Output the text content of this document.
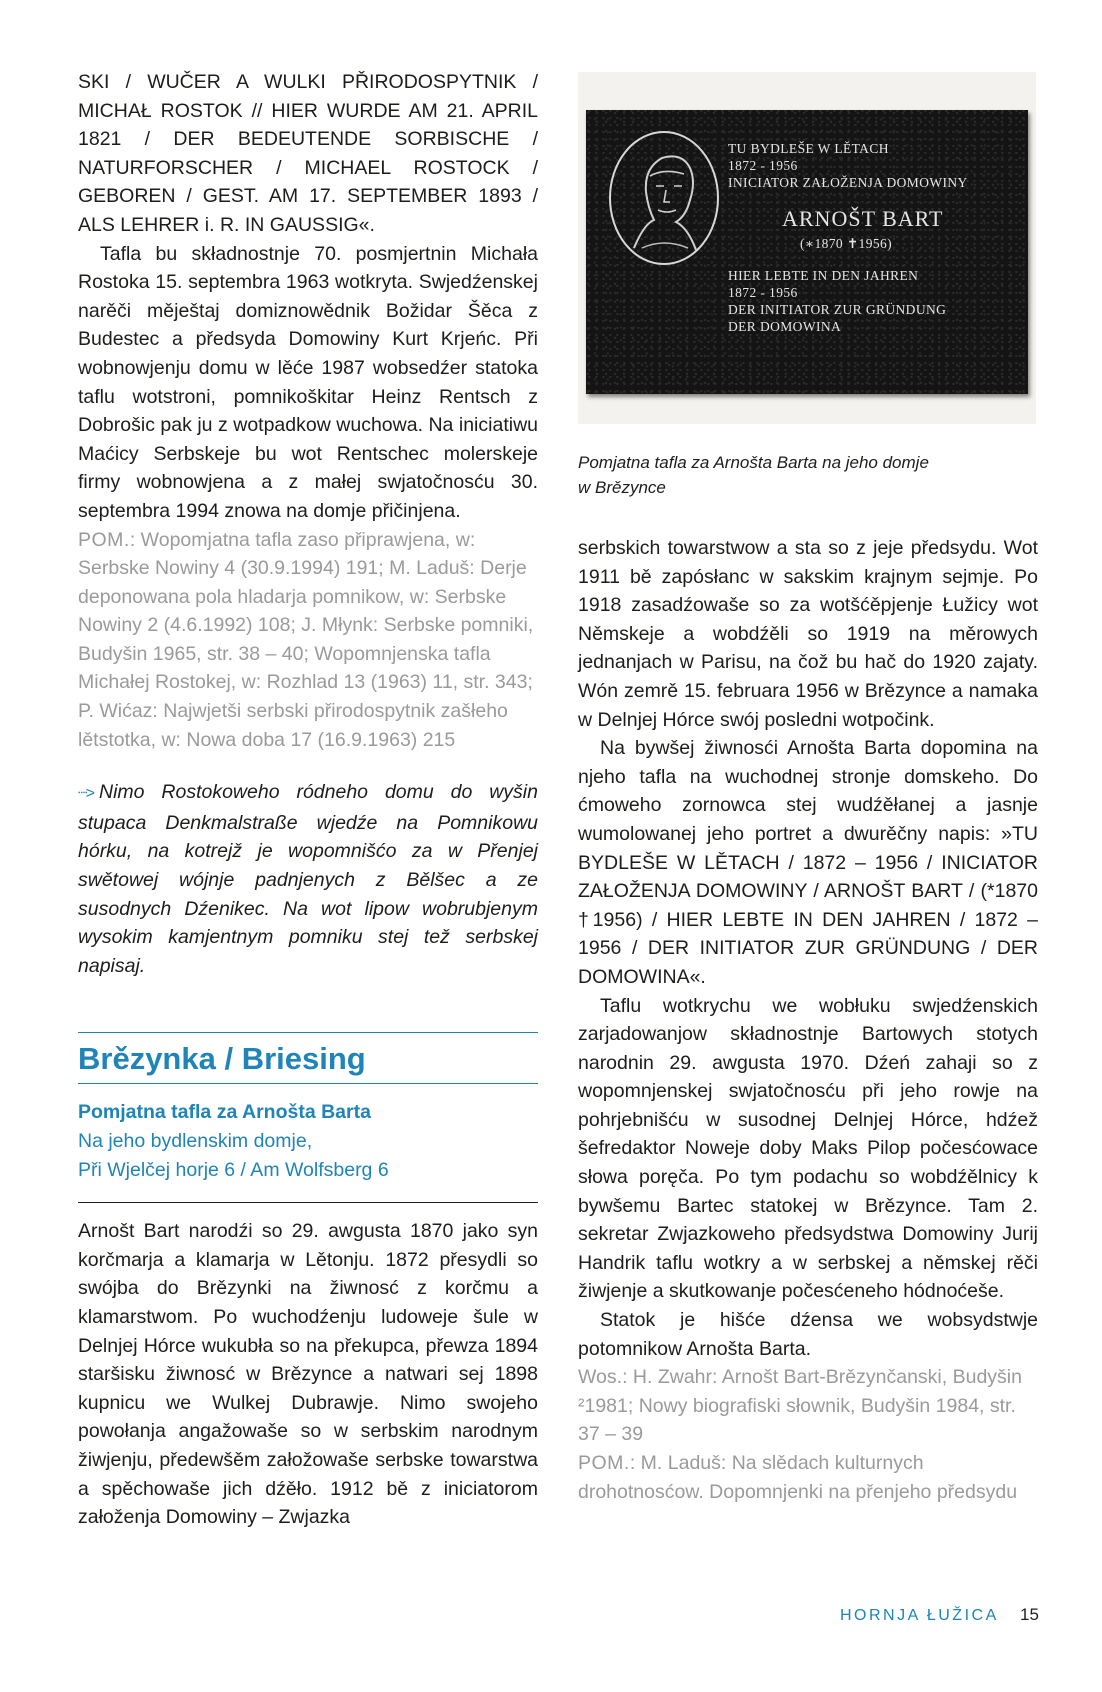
SKI / WUČER A WULKI PŘIRODOSPYTNIK / MICHAŁ ROSTOK // HIER WURDE AM 21. APRIL 1821 / DER BEDEUTENDE SORBISCHE / NATURFORSCHER / MICHAEL ROSTOCK / GEBOREN / GEST. AM 17. SEPTEMBER 1893 / ALS LEHRER i. R. IN GAUSSIG«.

Tafla bu składnostnje 70. posmjertnin Michała Rostoka 15. septembra 1963 wotkryta. Swjedźenskej narěči měještaj domiznowědnik Božidar Šěca z Budestec a předsyda Domowiny Kurt Krjeńc. Při wobnowjenju domu w lěće 1987 wobsedźer statoka taflu wotstroni, pomnikoškitar Heinz Rentsch z Dobrošic pak ju z wotpadkow wuchowa. Na iniciatiwu Maćicy Serbskeje bu wot Rentschec molerskeje firmy wobnowjena a z małej swjatočnosću 30. septembra 1994 znowa na domje přičinjena.

POM.: Wopomjatna tafla zaso připrawjena, w: Serbske Nowiny 4 (30.9.1994) 191; M. Laduš: Derje deponowana pola hladarja pomnikow, w: Serbske Nowiny 2 (4.6.1992) 108; J. Młynk: Serbske pomniki, Budyšin 1965, str. 38 – 40; Wopomnjenska tafla Michałej Rostokej, w: Rozhlad 13 (1963) 11, str. 343; P. Wićaz: Najwjetši serbski přirodospytnik zašłeho lětstotka, w: Nowa doba 17 (16.9.1963) 215

┈> Nimo Rostokoweho ródneho domu do wyšin stupaca Denkmalstraße wjedźe na Pomnikowu hórku, na kotrejž je wopomnišćo za w Přenjej swětowej wójnje padnjenych z Bělšec a ze susodnych Dźenikec. Na wot lipow wobrubjenym wysokim kamjentnym pomniku stej tež serbskej napisaj.

Brězynka / Briesing

Pomjatna tafla za Arnošta Barta

Na jeho bydlenskim domje,

Při Wjelčej horje 6 / Am Wolfsberg 6

Arnošt Bart narodźi so 29. awgusta 1870 jako syn korčmarja a klamarja w Lětonju. 1872 přesydli so swójba do Brězynki na žiwnosć z korčmu a klamarstwom. Po wuchodźenju ludoweje šule w Delnjej Hórce wukubła so na překupca, přewza 1894 staršisku žiwnosć w Brězynce a natwari sej 1898 kupnicu we Wulkej Dubrawje. Nimo swojeho powołanja angažowaše so w serbskim narodnym žiwjenju, předewšěm załožowaše serbske towarstwa a spěchowaše jich dźěło. 1912 bě z iniciatorom załoženja Domowiny – Zwjazka

TU BYDLEŠE W LĚTACH
1872 - 1956
INICIATOR ZAŁOŽENJA DOMOWINY
ARNOŠT BART
(∗1870 ✝1956)
HIER LEBTE IN DEN JAHREN
1872 - 1956
DER INITIATOR ZUR GRÜNDUNG
DER DOMOWINA
Pomjatna tafla za Arnošta Barta na jeho domje
w Brězynce

serbskich towarstwow a sta so z jeje předsydu. Wot 1911 bě zapósłanc w sakskim krajnym sejmje. Po 1918 zasadźowaše so za wotšćěpjenje Łužicy wot Němskeje a wobdźěli so 1919 na měrowych jednanjach w Parisu, na čož bu hač do 1920 zajaty. Wón zemrě 15. februara 1956 w Brězynce a namaka w Delnjej Hórce swój posledni wotpočink.

Na bywšej žiwnosći Arnošta Barta dopomina na njeho tafla na wuchodnej stronje domskeho. Do ćmoweho zornowca stej wudźěłanej a jasnje wumolowanej jeho portret a dwurěčny napis: »TU BYDLEŠE W LĚTACH / 1872 – 1956 / INICIATOR ZAŁOŽENJA DOMOWINY / ARNOŠT BART / (*1870 †1956) / HIER LEBTE IN DEN JAHREN / 1872 – 1956 / DER INITIATOR ZUR GRÜNDUNG / DER DOMOWINA«.

Taflu wotkrychu we wobłuku swjedźenskich zarjadowanjow składnostnje Bartowych stotych narodnin 29. awgusta 1970. Dźeń zahaji so z wopomnjenskej swjatočnosću při jeho rowje na pohrjebnišću w susodnej Delnjej Hórce, hdźež šefredaktor Noweje doby Maks Pilop počesćowace słowa poręča. Po tym podachu so wobdźělnicy k bywšemu Bartec statokej w Brězynce. Tam 2. sekretar Zwjazkoweho předsydstwa Domowiny Jurij Handrik taflu wotkry a w serbskej a němskej rěči žiwjenje a skutkowanje počesćeneho hódnoćeše.

Statok je hišće dźensa we wobsydstwje potomnikow Arnošta Barta.

Wos.: H. Zwahr: Arnošt Bart-Brězynčanski, Budyšin ²1981; Nowy biografiski słownik, Budyšin 1984, str. 37 – 39

POM.: M. Laduš: Na slědach kulturnych drohotnosćow. Dopomnjenki na přenjeho předsydu

HORNJA ŁUŽICA 15
